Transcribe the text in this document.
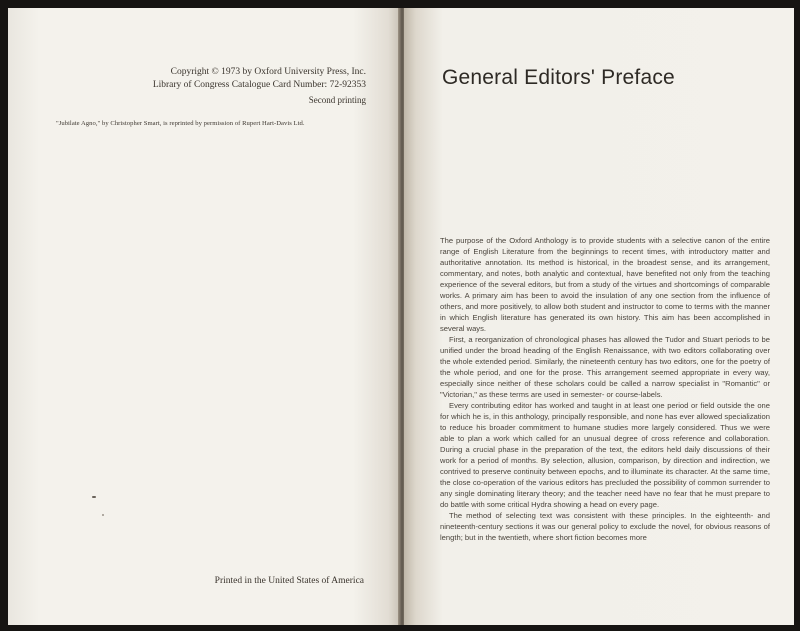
Copyright © 1973 by Oxford University Press, Inc.
Library of Congress Catalogue Card Number: 72-92353
Second printing
"Jubilate Agno," by Christopher Smart, is reprinted by permission of Rupert Hart-Davis Ltd.
Printed in the United States of America
General Editors' Preface

The purpose of the Oxford Anthology is to provide students with a selective canon of the entire range of English Literature from the beginnings to recent times, with introductory matter and authoritative annotation. Its method is historical, in the broadest sense, and its arrangement, commentary, and notes, both analytic and contextual, have benefited not only from the teaching experience of the several editors, but from a study of the virtues and shortcomings of comparable works. A primary aim has been to avoid the insulation of any one section from the influence of others, and more positively, to allow both student and instructor to come to terms with the manner in which English literature has generated its own history. This aim has been accomplished in several ways.

First, a reorganization of chronological phases has allowed the Tudor and Stuart periods to be unified under the broad heading of the English Renaissance, with two editors collaborating over the whole extended period. Similarly, the nineteenth century has two editors, one for the poetry of the whole period, and one for the prose. This arrangement seemed appropriate in every way, especially since neither of these scholars could be called a narrow specialist in "Romantic" or "Victorian," as these terms are used in semester- or course-labels.

Every contributing editor has worked and taught in at least one period or field outside the one for which he is, in this anthology, principally responsible, and none has ever allowed specialization to reduce his broader commitment to humane studies more largely considered. Thus we were able to plan a work which called for an unusual degree of cross reference and collaboration. During a crucial phase in the preparation of the text, the editors held daily discussions of their work for a period of months. By selection, allusion, comparison, by direction and indirection, we contrived to preserve continuity between epochs, and to illuminate its character. At the same time, the close co-operation of the various editors has precluded the possibility of common surrender to any single dominating literary theory; and the teacher need have no fear that he must prepare to do battle with some critical Hydra showing a head on every page.

The method of selecting text was consistent with these principles. In the eighteenth- and nineteenth-century sections it was our general policy to exclude the novel, for obvious reasons of length; but in the twentieth, where short fiction becomes more
